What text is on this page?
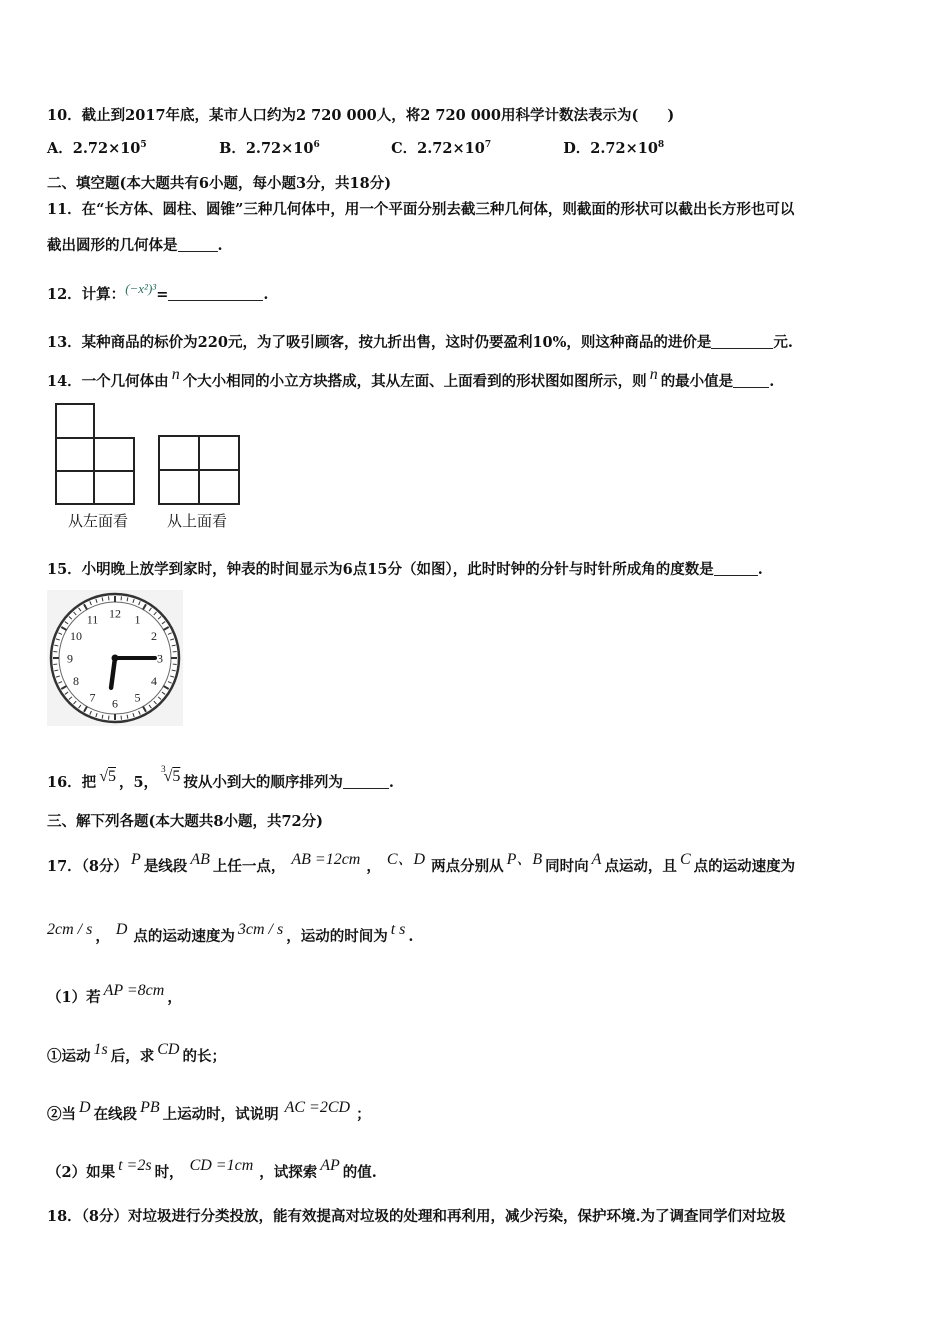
10．截止到2017年底，某市人口约为2 720 000人，将2 720 000用科学计数法表示为(　　)
A．$2.72\times 10^5$	B．$2.72\times 10^6$	C．$2.72\times 10^7$	D．$2.72\times 10^8$
二、填空题(本大题共有6小题，每小题3分，共18分)
11．在“长方体、圆柱、圆锥”三种几何体中，用一个平面分别去截三种几何体，则截面的形状可以截出长方形也可以
截出圆形的几何体是	.
12．计算：(−x²)³=	.
13．某种商品的标价为220元，为了吸引顾客，按九折出售，这时仍要盈利10%，则这种商品的进价是	元.
14．一个几何体由 n 个大小相同的小立方块搭成，其从左面、上面看到的形状图如图所示，则 n 的最小值是 .
从左面看	从上面看
15．小明晚上放学到家时，钟表的时间显示为6点15分（如图），此时时钟的分针与时针所成角的度数是	.
12 1
2
3
4
5
6
7
8
9
10
11
16．把 √5 ，5，$^3$√5 按从小到大的顺序排列为	.
三、解下列各题(本大题共8小题，共72分)
17．（8分） P 是线段 AB 上任一点， AB =12cm ， C、D 两点分别从 P、B 同时向 A 点运动，且 C 点的运动速度为
2cm / s ， D 点的运动速度为 3cm / s ，运动的时间为 t s .
（1）若 AP =8cm ，
①运动 1s 后，求 CD 的长；
②当 D 在线段 PB 上运动时，试说明 AC =2CD ；
（2）如果 t =2s 时， CD =1cm ，试探索 AP 的值.
18．（8分）对垃圾进行分类投放，能有效提高对垃圾的处理和再利用，减少污染，保护环境.为了调查同学们对垃圾
